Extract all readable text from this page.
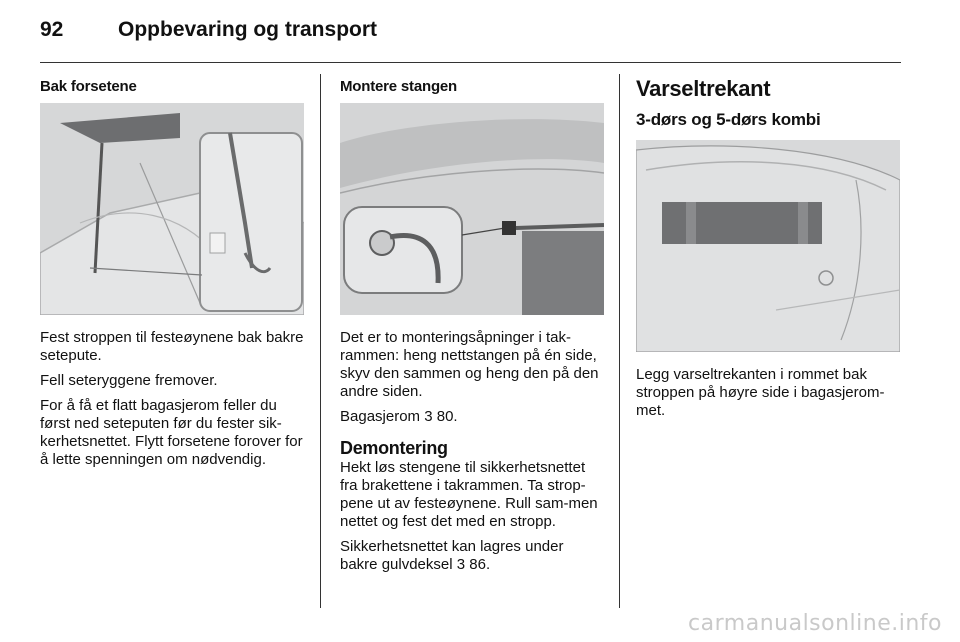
92	Oppbevaring og transport
Bak forsetene

Fest stroppen til festeøynene bak bakre setepute.

Fell seteryggene fremover.

For å få et flatt bagasjerom feller du først ned seteputen før du fester sik-kerhetsnettet. Flytt forsetene forover for å lette spenningen om nødvendig.

Montere stangen

Det er to monteringsåpninger i tak-rammen: heng nettstangen på én side, skyv den sammen og heng den på den andre siden.

Bagasjerom 3 80.

Demontering

Hekt løs stengene til sikkerhetsnettet fra brakettene i takrammen. Ta strop-pene ut av festeøynene. Rull sam-men nettet og fest det med en stropp.

Sikkerhetsnettet kan lagres under bakre gulvdeksel 3 86.

Varseltrekant
3-dørs og 5-dørs kombi

Legg varseltrekanten i rommet bak stroppen på høyre side i bagasjerom-met.

carmanualsonline.info
